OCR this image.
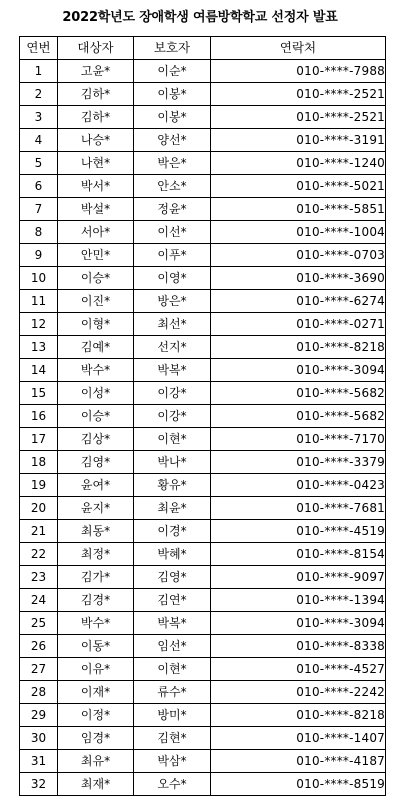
2022학년도 장애학생 여름방학학교 선정자 발표
연번	대상자	보호자	연락처
1	고윤*	이순*	010-****-7988
2	김하*	이봉*	010-****-2521
3	김하*	이봉*	010-****-2521
4	나승*	양선*	010-****-3191
5	나현*	박은*	010-****-1240
6	박서*	안소*	010-****-5021
7	박설*	정윤*	010-****-5851
8	서아*	이선*	010-****-1004
9	안민*	이푸*	010-****-0703
10	이승*	이영*	010-****-3690
11	이진*	방은*	010-****-6274
12	이형*	최선*	010-****-0271
13	김예*	선지*	010-****-8218
14	박수*	박복*	010-****-3094
15	이성*	이강*	010-****-5682
16	이승*	이강*	010-****-5682
17	김상*	이현*	010-****-7170
18	김영*	박나*	010-****-3379
19	윤여*	황유*	010-****-0423
20	윤지*	최윤*	010-****-7681
21	최동*	이경*	010-****-4519
22	최정*	박혜*	010-****-8154
23	김가*	김영*	010-****-9097
24	김경*	김연*	010-****-1394
25	박수*	박복*	010-****-3094
26	이동*	임선*	010-****-8338
27	이유*	이현*	010-****-4527
28	이재*	류수*	010-****-2242
29	이정*	방미*	010-****-8218
30	임경*	김현*	010-****-1407
31	최유*	박삼*	010-****-4187
32	최재*	오수*	010-****-8519
